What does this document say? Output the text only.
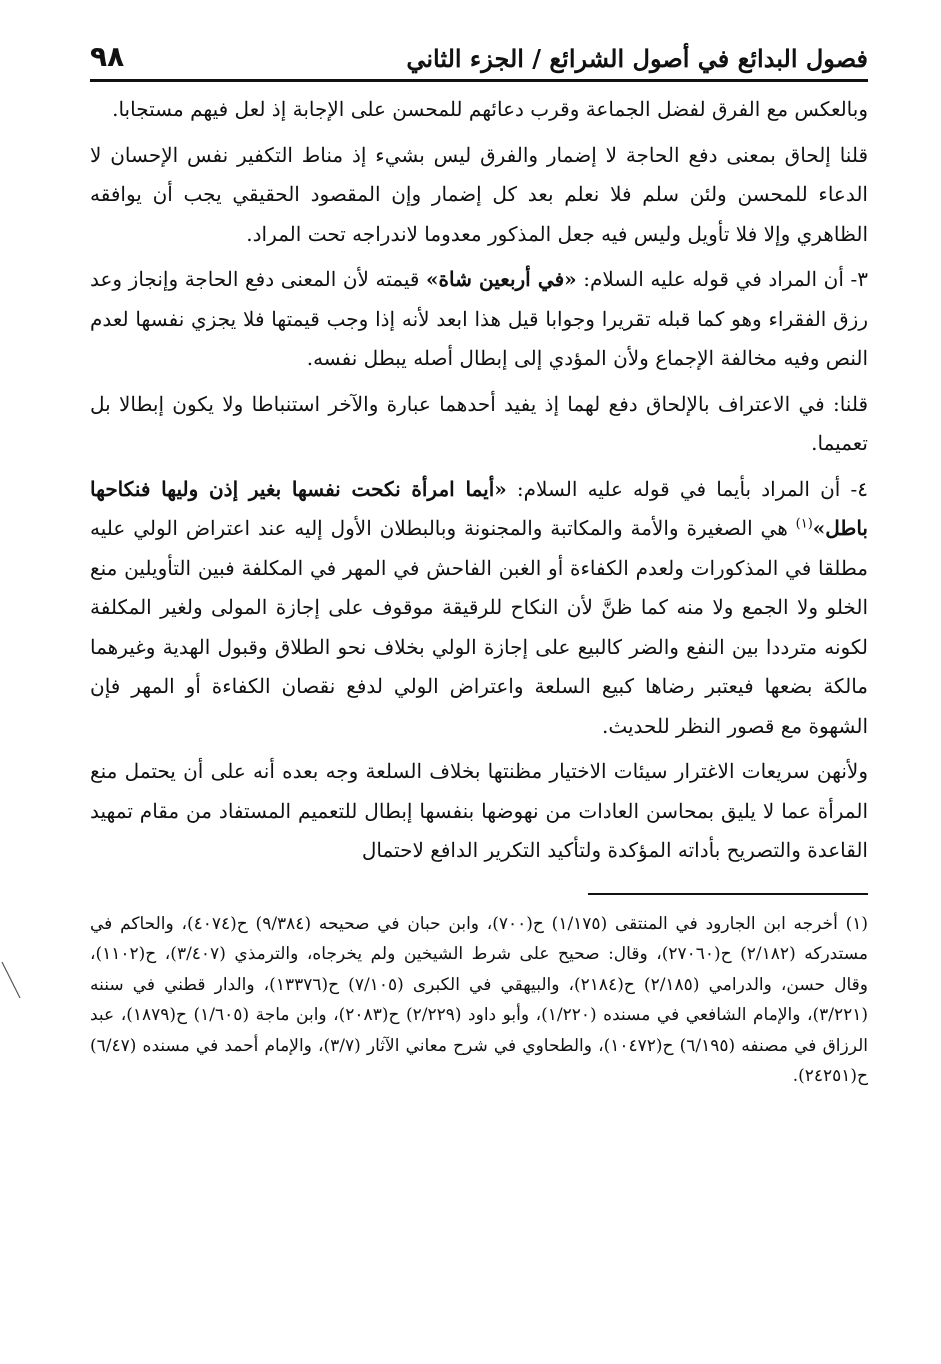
فصول البدائع في أصول الشرائع / الجزء الثاني
٩٨

وبالعكس مع الفرق لفضل الجماعة وقرب دعائهم للمحسن على الإجابة إذ لعل فيهم مستجابا.

قلنا إلحاق بمعنى دفع الحاجة لا إضمار والفرق ليس بشيء إذ مناط التكفير نفس الإحسان لا الدعاء للمحسن ولئن سلم فلا نعلم بعد كل إضمار وإن المقصود الحقيقي يجب أن يوافقه الظاهري وإلا فلا تأويل وليس فيه جعل المذكور معدوما لاندراجه تحت المراد.

٣- أن المراد في قوله عليه السلام: «في أربعين شاة» قيمته لأن المعنى دفع الحاجة وإنجاز وعد رزق الفقراء وهو كما قبله تقريرا وجوابا قيل هذا ابعد لأنه إذا وجب قيمتها فلا يجزي نفسها لعدم النص وفيه مخالفة الإجماع ولأن المؤدي إلى إبطال أصله يبطل نفسه.

قلنا: في الاعتراف بالإلحاق دفع لهما إذ يفيد أحدهما عبارة والآخر استنباطا ولا يكون إبطالا بل تعميما.

٤- أن المراد بأيما في قوله عليه السلام: «أيما امرأة نكحت نفسها بغير إذن وليها فنكاحها باطل»$^{(١)}$ هي الصغيرة والأمة والمكاتبة والمجنونة وبالبطلان الأول إليه عند اعتراض الولي عليه مطلقا في المذكورات ولعدم الكفاءة أو الغبن الفاحش في المهر في المكلفة فبين التأويلين منع الخلو ولا الجمع ولا منه كما ظنَّ لأن النكاح للرقيقة موقوف على إجازة المولى ولغير المكلفة لكونه مترددا بين النفع والضر كالبيع على إجازة الولي بخلاف نحو الطلاق وقبول الهدية وغيرهما مالكة بضعها فيعتبر رضاها كبيع السلعة واعتراض الولي لدفع نقصان الكفاءة أو المهر فإن الشهوة مع قصور النظر للحديث.

ولأنهن سريعات الاغترار سيئات الاختيار مظنتها بخلاف السلعة وجه بعده أنه على أن يحتمل منع المرأة عما لا يليق بمحاسن العادات من نهوضها بنفسها إبطال للتعميم المستفاد من مقام تمهيد القاعدة والتصريح بأداته المؤكدة ولتأكيد التكرير الدافع لاحتمال

(١) أخرجه ابن الجارود في المنتقى (١/١٧٥) ح(٧٠٠)، وابن حبان في صحيحه (٩/٣٨٤) ح(٤٠٧٤)، والحاكم في مستدركه (٢/١٨٢) ح(٢٧٠٦٠)، وقال: صحيح على شرط الشيخين ولم يخرجاه، والترمذي (٣/٤٠٧)، ح(١١٠٢)، وقال حسن، والدرامي (٢/١٨٥) ح(٢١٨٤)، والبيهقي في الكبرى (٧/١٠٥) ح(١٣٣٧٦)، والدار قطني في سننه (٣/٢٢١)، والإمام الشافعي في مسنده (١/٢٢٠)، وأبو داود (٢/٢٢٩) ح(٢٠٨٣)، وابن ماجة (١/٦٠٥) ح(١٨٧٩)، عبد الرزاق في مصنفه (٦/١٩٥) ح(١٠٤٧٢)، والطحاوي في شرح معاني الآثار (٣/٧)، والإمام أحمد في مسنده (٦/٤٧) ح(٢٤٢٥١).
